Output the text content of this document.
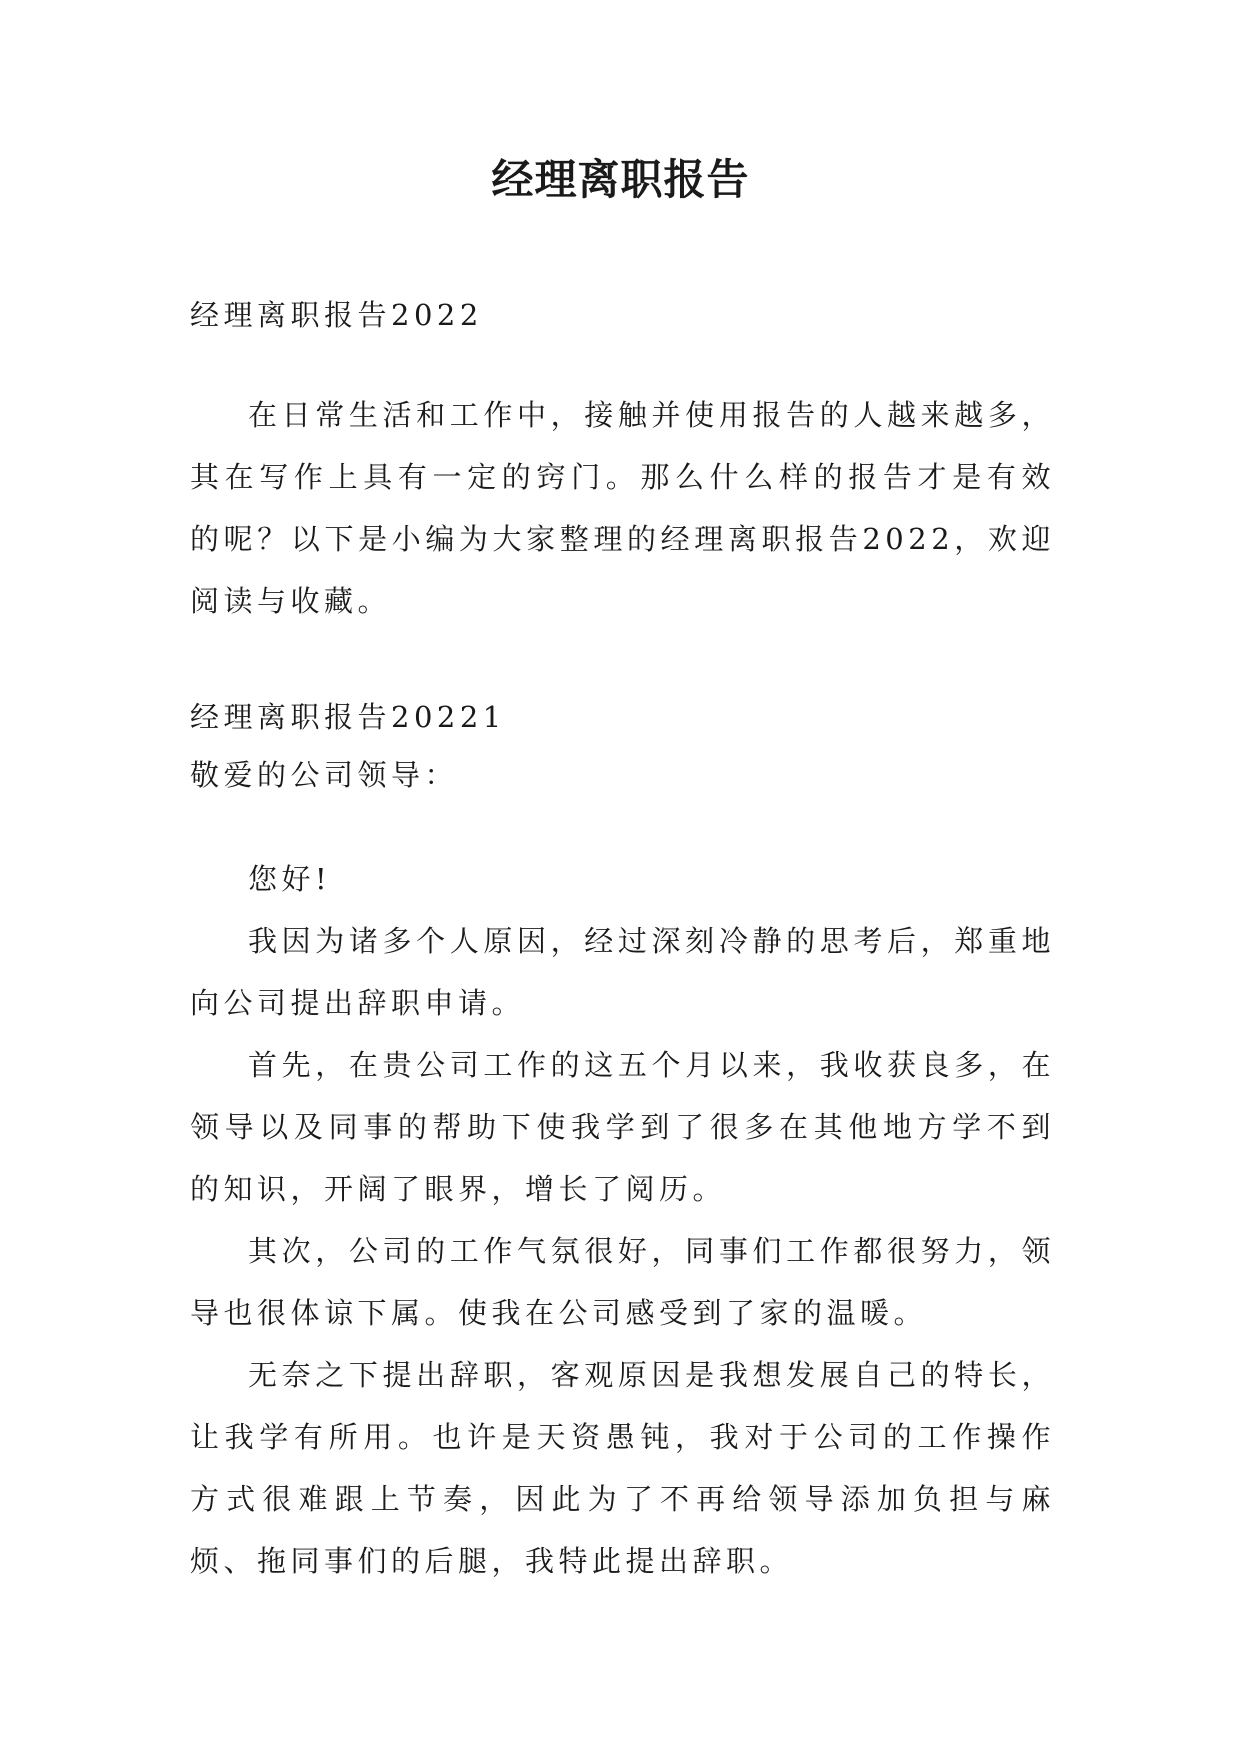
经理离职报告

经理离职报告2022

在日常生活和工作中，接触并使用报告的人越来越多，其在写作上具有一定的窍门。那么什么样的报告才是有效的呢？以下是小编为大家整理的经理离职报告2022，欢迎阅读与收藏。

经理离职报告20221

敬爱的公司领导：

您好!

我因为诸多个人原因，经过深刻冷静的思考后，郑重地向公司提出辞职申请。

首先，在贵公司工作的这五个月以来，我收获良多，在领导以及同事的帮助下使我学到了很多在其他地方学不到的知识，开阔了眼界，增长了阅历。

其次，公司的工作气氛很好，同事们工作都很努力，领导也很体谅下属。使我在公司感受到了家的温暖。

无奈之下提出辞职，客观原因是我想发展自己的特长，让我学有所用。也许是天资愚钝，我对于公司的工作操作方式很难跟上节奏，因此为了不再给领导添加负担与麻烦、拖同事们的后腿，我特此提出辞职。
